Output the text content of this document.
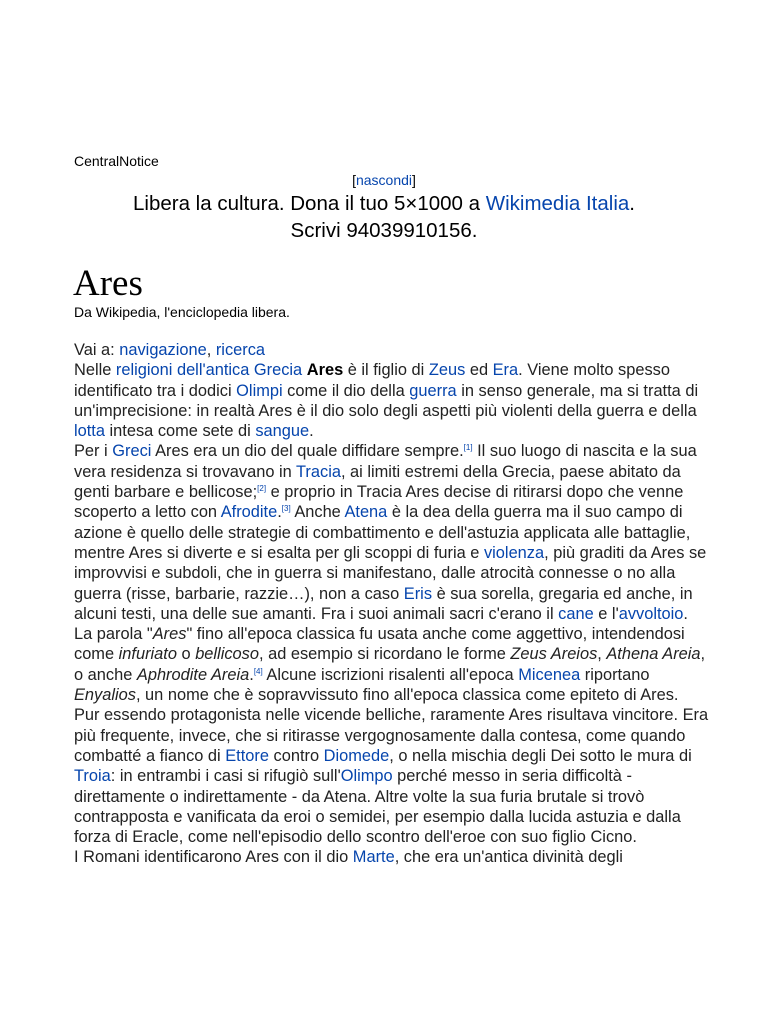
CentralNotice
[nascondi]
Libera la cultura. Dona il tuo 5×1000 a Wikimedia Italia.
Scrivi 94039910156.
Ares
Da Wikipedia, l'enciclopedia libera.

Vai a: navigazione, ricerca

Nelle religioni dell'antica Grecia Ares è il figlio di Zeus ed Era. Viene molto spesso identificato tra i dodici Olimpi come il dio della guerra in senso generale, ma si tratta di un'imprecisione: in realtà Ares è il dio solo degli aspetti più violenti della guerra e della lotta intesa come sete di sangue.

Per i Greci Ares era un dio del quale diffidare sempre.[1] Il suo luogo di nascita e la sua vera residenza si trovavano in Tracia, ai limiti estremi della Grecia, paese abitato da genti barbare e bellicose;[2] e proprio in Tracia Ares decise di ritirarsi dopo che venne scoperto a letto con Afrodite.[3] Anche Atena è la dea della guerra ma il suo campo di azione è quello delle strategie di combattimento e dell'astuzia applicata alle battaglie, mentre Ares si diverte e si esalta per gli scoppi di furia e violenza, più graditi da Ares se improvvisi e subdoli, che in guerra si manifestano, dalle atrocità connesse o no alla guerra (risse, barbarie, razzie…), non a caso Eris è sua sorella, gregaria ed anche, in alcuni testi, una delle sue amanti. Fra i suoi animali sacri c'erano il cane e l'avvoltoio.

La parola "Ares" fino all'epoca classica fu usata anche come aggettivo, intendendosi come infuriato o bellicoso, ad esempio si ricordano le forme Zeus Areios, Athena Areia, o anche Aphrodite Areia.[4] Alcune iscrizioni risalenti all'epoca Micenea riportano Enyalios, un nome che è sopravvissuto fino all'epoca classica come epiteto di Ares.

Pur essendo protagonista nelle vicende belliche, raramente Ares risultava vincitore. Era più frequente, invece, che si ritirasse vergognosamente dalla contesa, come quando combatté a fianco di Ettore contro Diomede, o nella mischia degli Dei sotto le mura di Troia: in entrambi i casi si rifugiò sull'Olimpo perché messo in seria difficoltà - direttamente o indirettamente - da Atena. Altre volte la sua furia brutale si trovò contrapposta e vanificata da eroi o semidei, per esempio dalla lucida astuzia e dalla forza di Eracle, come nell'episodio dello scontro dell'eroe con suo figlio Cicno.

I Romani identificarono Ares con il dio Marte, che era un'antica divinità degli
